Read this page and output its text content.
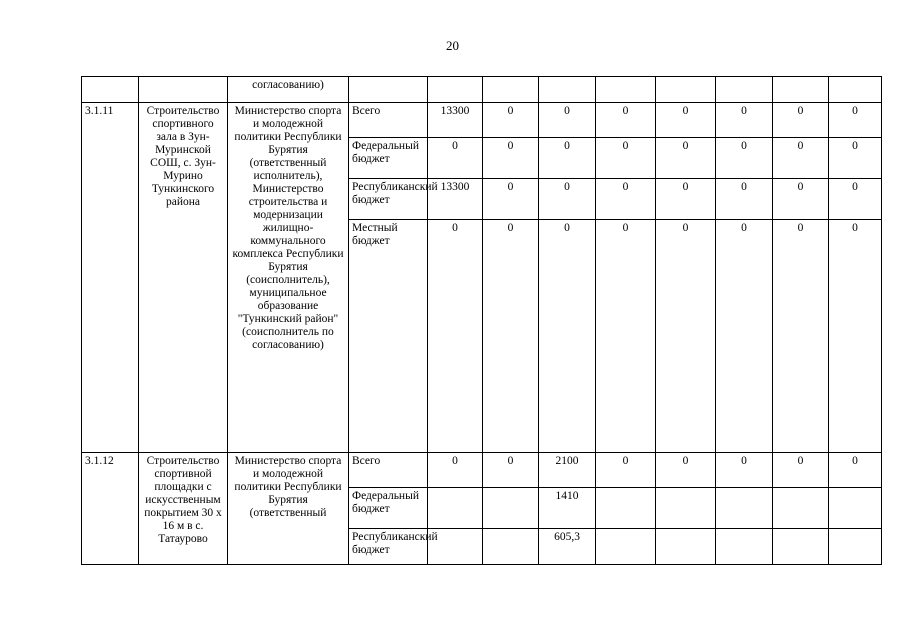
20
		согласованию)									
3.1.11	Строительство спортивного зала в Зун-Муринской СОШ, с. Зун-Мурино Тункинского района	Министерство спорта и молодежной политики Республики Бурятия (ответственный исполнитель), Министерство строительства и модернизации жилищно-коммунального комплекса Республики Бурятия (соисполнитель), муниципальное образование "Тункинский район" (соисполнитель по согласованию)	Всего	13300	0	0	0	0	0	0	0
			Федеральный бюджет	0	0	0	0	0	0	0	0
			Республиканский бюджет	13300	0	0	0	0	0	0	0
			Местный бюджет	0	0	0	0	0	0	0	0
3.1.12	Строительство спортивной площадки с искусственным покрытием 30 х 16 м в с. Татаурово	Министерство спорта и молодежной политики Республики Бурятия (ответственный	Всего	0	0	2100	0	0	0	0	0
			Федеральный бюджет			1410					
			Республиканский бюджет			605,3					
